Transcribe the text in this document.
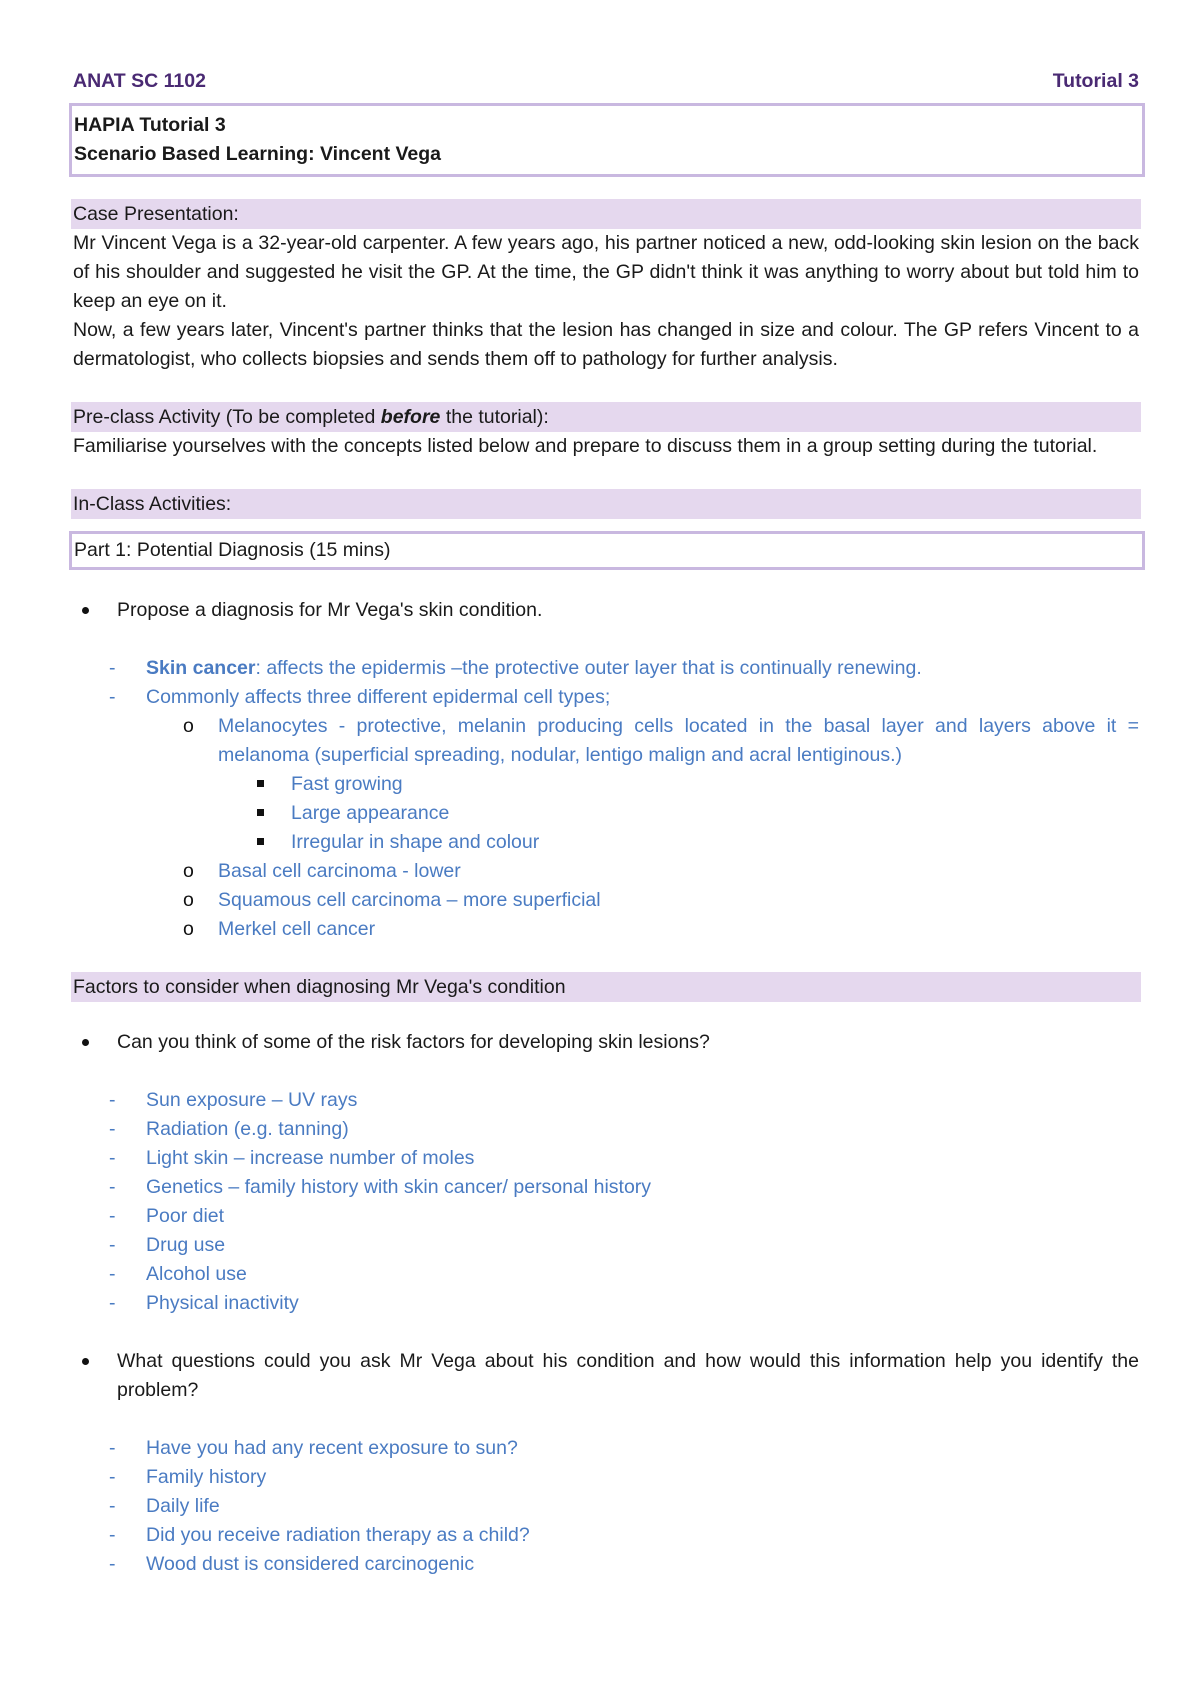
ANAT SC 1102	Tutorial 3
HAPIA Tutorial 3
Scenario Based Learning: Vincent Vega
Case Presentation:

Mr Vincent Vega is a 32-year-old carpenter. A few years ago, his partner noticed a new, odd-looking skin lesion on the back of his shoulder and suggested he visit the GP. At the time, the GP didn't think it was anything to worry about but told him to keep an eye on it.

Now, a few years later, Vincent's partner thinks that the lesion has changed in size and colour. The GP refers Vincent to a dermatologist, who collects biopsies and sends them off to pathology for further analysis.

Pre-class Activity (To be completed before the tutorial):

Familiarise yourselves with the concepts listed below and prepare to discuss them in a group setting during the tutorial.

In-Class Activities:
Part 1: Potential Diagnosis (15 mins)
Propose a diagnosis for Mr Vega's skin condition.
- Skin cancer: affects the epidermis –the protective outer layer that is continually renewing.
- Commonly affects three different epidermal cell types;
o Melanocytes - protective, melanin producing cells located in the basal layer and layers above it = melanoma (superficial spreading, nodular, lentigo malign and acral lentiginous.)
Fast growing
Large appearance
Irregular in shape and colour
o Basal cell carcinoma - lower
o Squamous cell carcinoma – more superficial
o Merkel cell cancer
Factors to consider when diagnosing Mr Vega's condition
Can you think of some of the risk factors for developing skin lesions?
- Sun exposure – UV rays
- Radiation (e.g. tanning)
- Light skin – increase number of moles
- Genetics – family history with skin cancer/ personal history
- Poor diet
- Drug use
- Alcohol use
- Physical inactivity
What questions could you ask Mr Vega about his condition and how would this information help you identify the problem?
- Have you had any recent exposure to sun?
- Family history
- Daily life
- Did you receive radiation therapy as a child?
- Wood dust is considered carcinogenic
